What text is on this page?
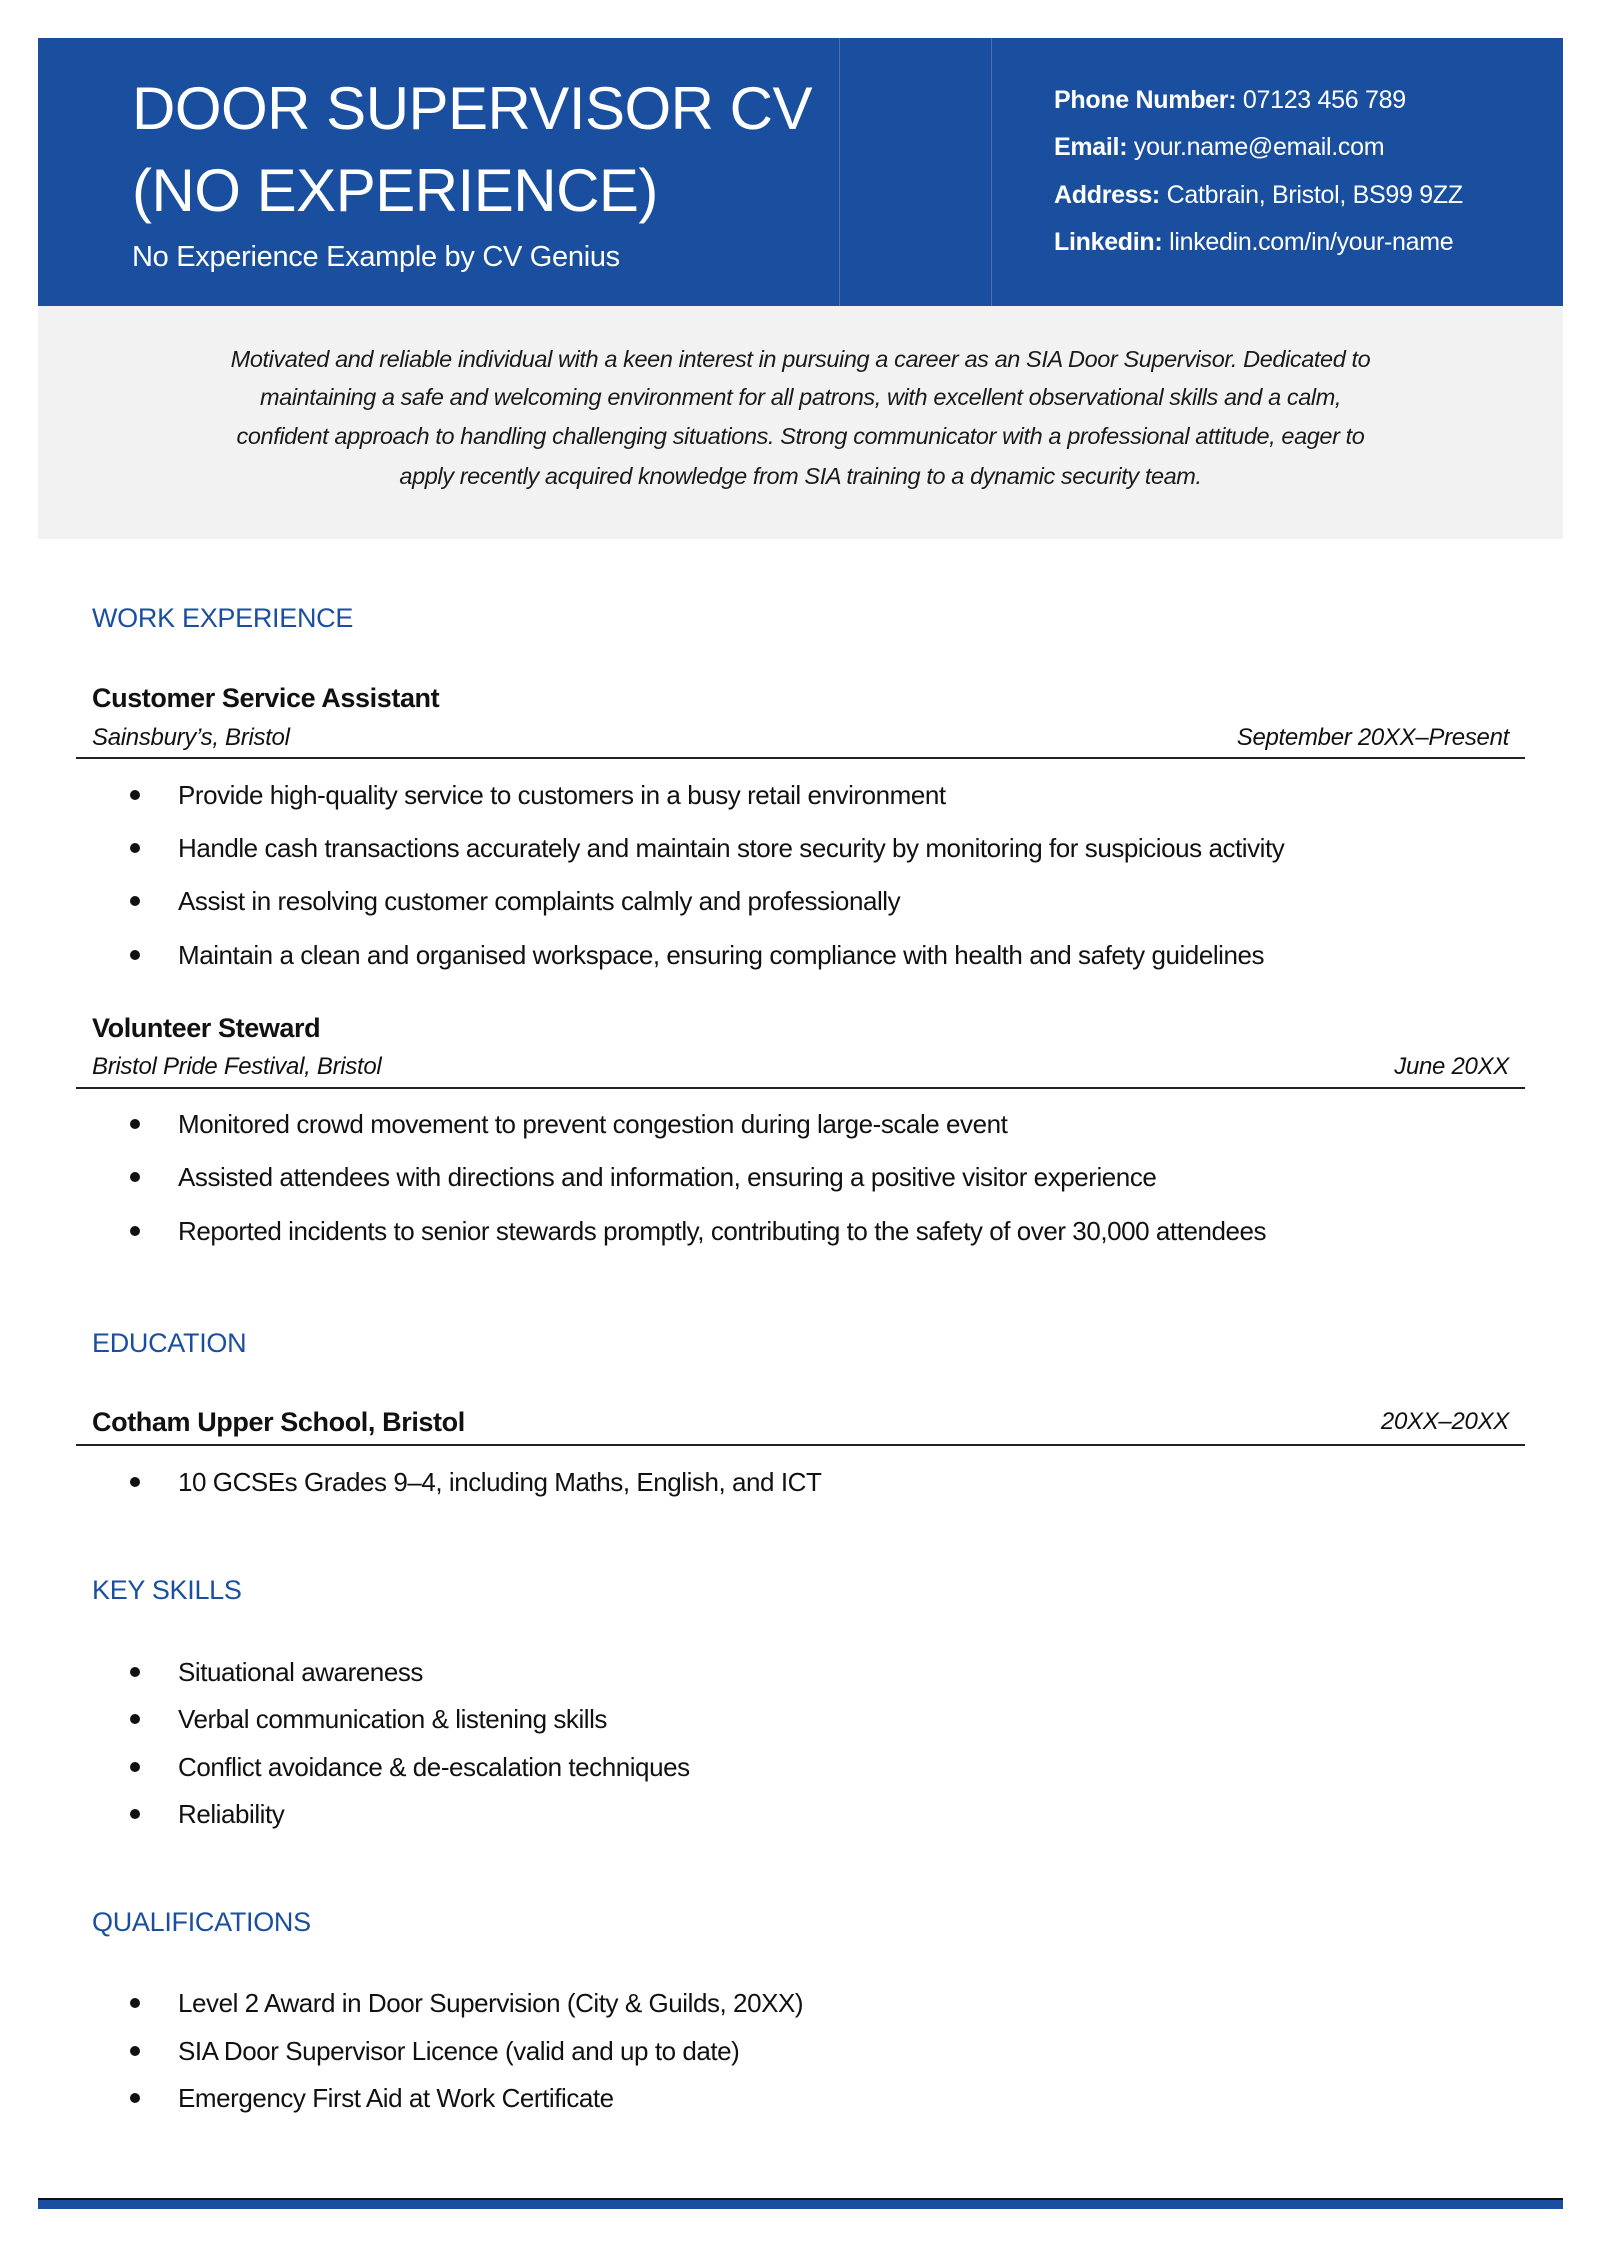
DOOR SUPERVISOR CV
(NO EXPERIENCE)
No Experience Example by CV Genius
Phone Number: 07123 456 789
Email: your.name@email.com
Address: Catbrain, Bristol, BS99 9ZZ
Linkedin: linkedin.com/in/your-name
Motivated and reliable individual with a keen interest in pursuing a career as an SIA Door Supervisor. Dedicated to
maintaining a safe and welcoming environment for all patrons, with excellent observational skills and a calm,
confident approach to handling challenging situations. Strong communicator with a professional attitude, eager to
apply recently acquired knowledge from SIA training to a dynamic security team.
WORK EXPERIENCE
Customer Service Assistant
Sainsbury’s, Bristol	September 20XX–Present
Provide high-quality service to customers in a busy retail environment
Handle cash transactions accurately and maintain store security by monitoring for suspicious activity
Assist in resolving customer complaints calmly and professionally
Maintain a clean and organised workspace, ensuring compliance with health and safety guidelines
Volunteer Steward
Bristol Pride Festival, Bristol	June 20XX
Monitored crowd movement to prevent congestion during large-scale event
Assisted attendees with directions and information, ensuring a positive visitor experience
Reported incidents to senior stewards promptly, contributing to the safety of over 30,000 attendees
EDUCATION
Cotham Upper School, Bristol	20XX–20XX
10 GCSEs Grades 9–4, including Maths, English, and ICT
KEY SKILLS
Situational awareness
Verbal communication & listening skills
Conflict avoidance & de-escalation techniques
Reliability
QUALIFICATIONS
Level 2 Award in Door Supervision (City & Guilds, 20XX)
SIA Door Supervisor Licence (valid and up to date)
Emergency First Aid at Work Certificate
